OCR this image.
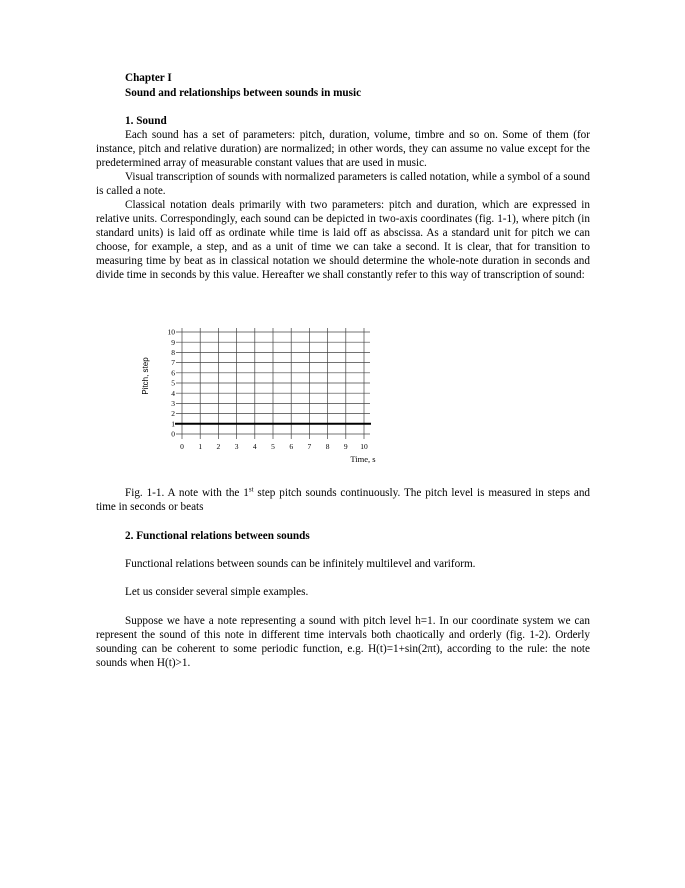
Chapter I
Sound and relationships between sounds in music
1. Sound

Each sound has a set of parameters: pitch, duration, volume, timbre and so on. Some of them (for instance, pitch and relative duration) are normalized; in other words, they can assume no value except for the predetermined array of measurable constant values that are used in music.

Visual transcription of sounds with normalized parameters is called notation, while a symbol of a sound is called a note.

Classical notation deals primarily with two parameters: pitch and duration, which are expressed in relative units. Correspondingly, each sound can be depicted in two-axis coordinates (fig. 1-1), where pitch (in standard units) is laid off as ordinate while time is laid off as abscissa. As a standard unit for pitch we can choose, for example, a step, and as a unit of time we can take a second. It is clear, that for transition to measuring time by beat as in classical notation we should determine the whole-note duration in seconds and divide time in seconds by this value. Hereafter we shall constantly refer to this way of transcription of sound:

0 1 2 3 4 5 6 7 8 9 10
0
1
2
3
4
5
6
7
8
9
10
Pitch, step
Time, s

Fig. 1-1. A note with the 1st step pitch sounds continuously. The pitch level is measured in steps and time in seconds or beats

2. Functional relations between sounds

Functional relations between sounds can be infinitely multilevel and variform.

Let us consider several simple examples.

Suppose we have a note representing a sound with pitch level h=1. In our coordinate system we can represent the sound of this note in different time intervals both chaotically and orderly (fig. 1-2). Orderly sounding can be coherent to some periodic function, e.g. H(t)=1+sin(2πt), according to the rule: the note sounds when H(t)>1.
